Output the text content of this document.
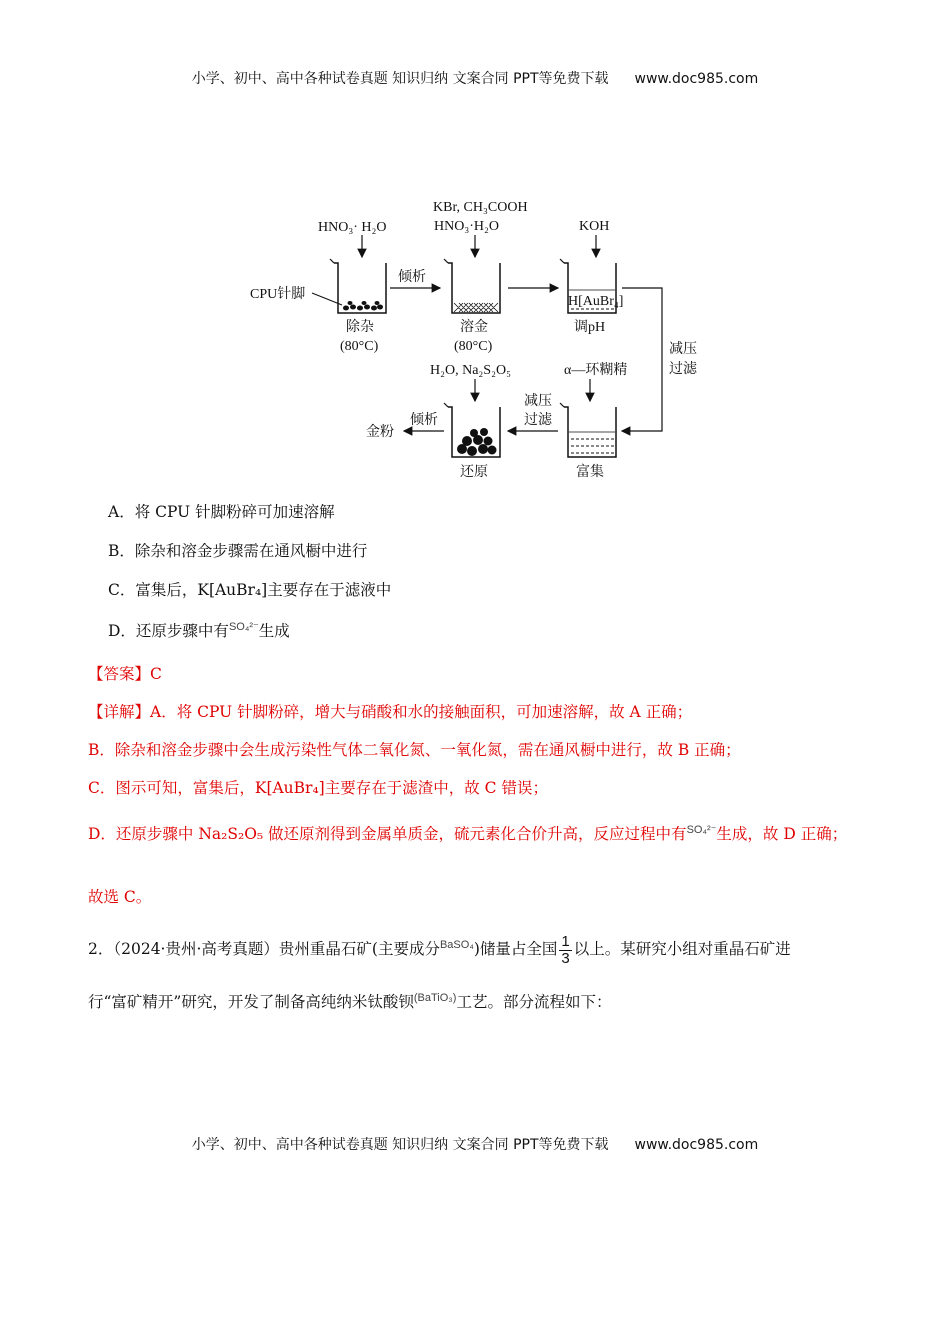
小学、初中、高中各种试卷真题 知识归纳 文案合同 PPT等免费下载 www.doc985.com
HNO₃· H₂O
KBr, CH₃COOH
HNO₃·H₂O	KOH
CPU针脚
除杂
(80°C)
倾析
溶金
(80°C)
H[AuBr₄]
调pH
减压
过滤
H₂O, Na₂S₂O₅	α—环糊精
富集
减压
过滤
还原
倾析
金粉
A．将 CPU 针脚粉碎可加速溶解
B．除杂和溶金步骤需在通风橱中进行
C．富集后，K[AuBr₄]主要存在于滤液中
D．还原步骤中有$^{SO_4^{2-}}$生成
【答案】C
【详解】A．将 CPU 针脚粉碎，增大与硝酸和水的接触面积，可加速溶解，故 A 正确；
B．除杂和溶金步骤中会生成污染性气体二氧化氮、一氧化氮，需在通风橱中进行，故 B 正确；
C．图示可知，富集后，K[AuBr₄]主要存在于滤渣中，故 C 错误；
D．还原步骤中 Na₂S₂O₅ 做还原剂得到金属单质金，硫元素化合价升高，反应过程中有$^{SO_4^{2-}}$生成，故 D 正确；
故选 C。
2．（2024·贵州·高考真题）贵州重晶石矿(主要成分$^{BaSO_4}$)储量占全国 $\frac{1}{3}$ 以上。某研究小组对重晶石矿进
行“富矿精开”研究，开发了制备高纯纳米钛酸钡$^{(BaTiO_3)}$工艺。部分流程如下：
小学、初中、高中各种试卷真题 知识归纳 文案合同 PPT等免费下载 www.doc985.com
